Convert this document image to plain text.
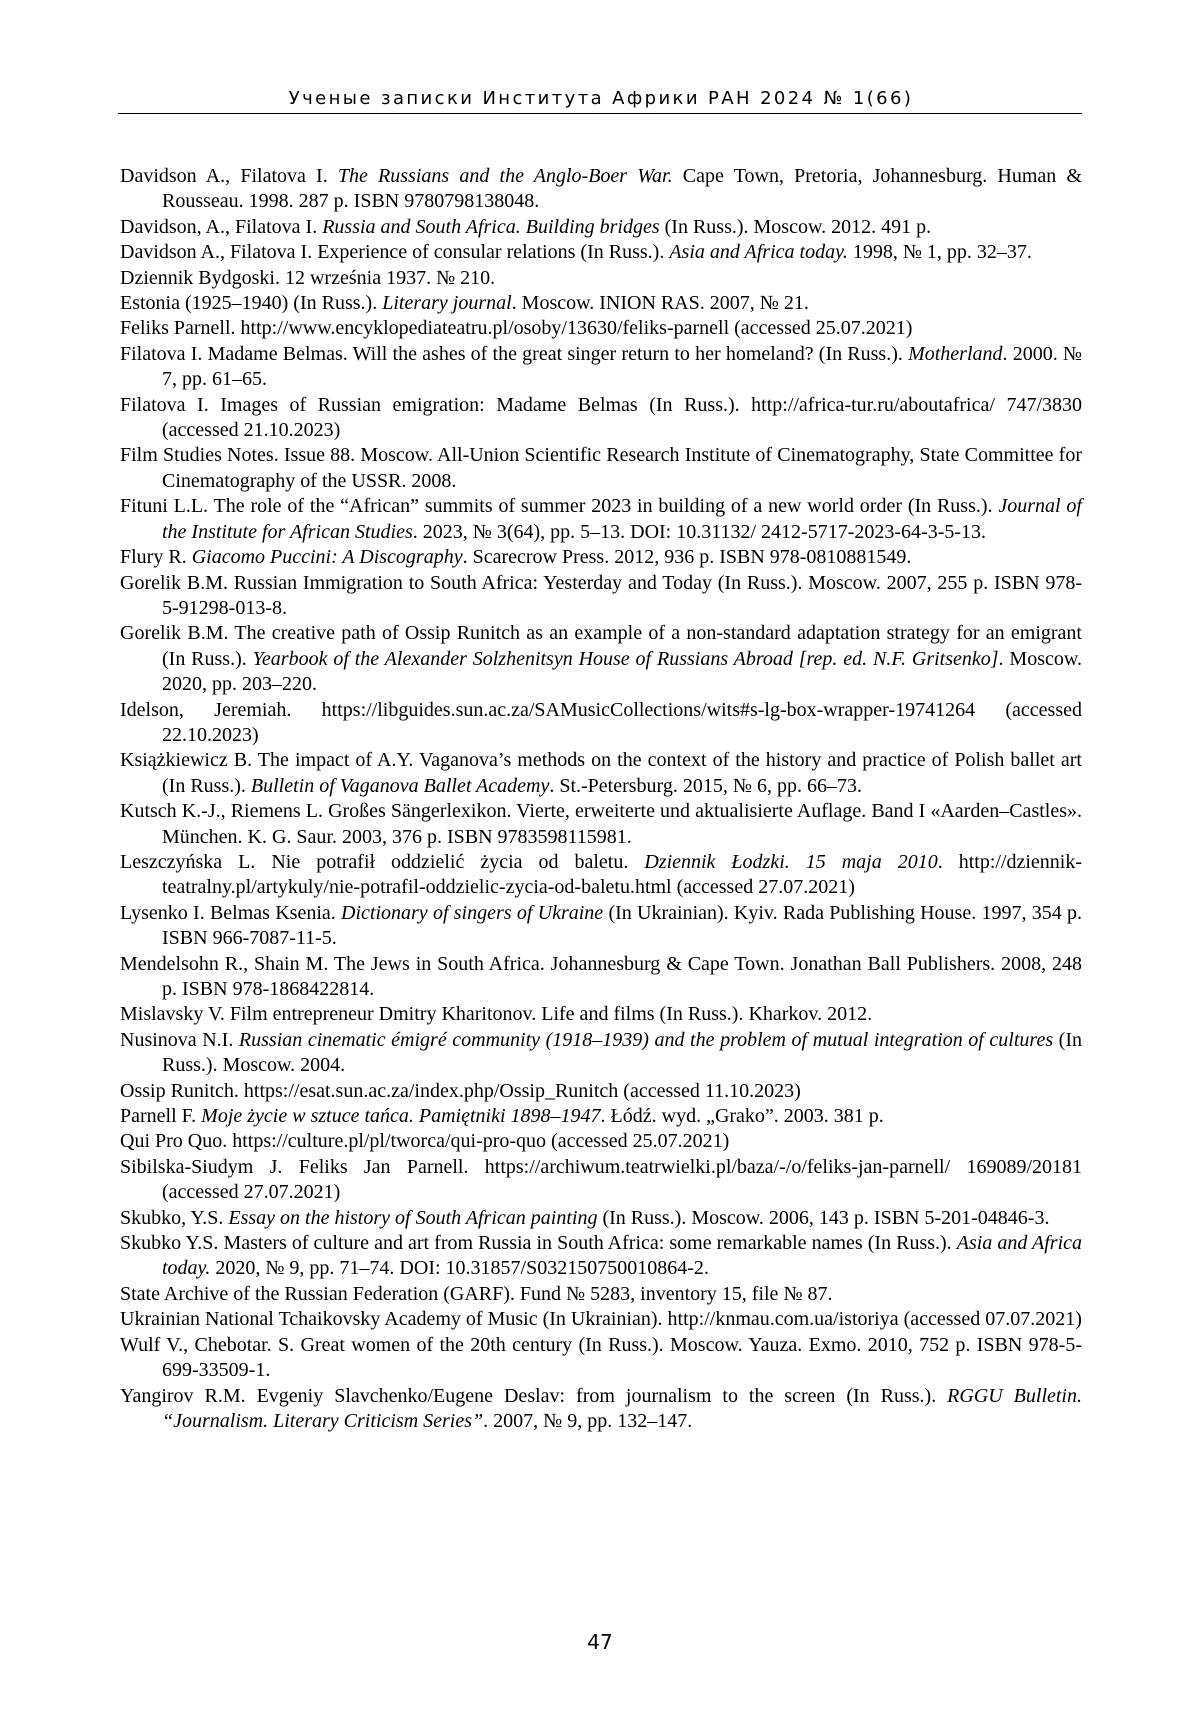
Ученые записки Института Африки РАН 2024 № 1(66)
Davidson A., Filatova I. The Russians and the Anglo-Boer War. Cape Town, Pretoria, Johannesburg. Human & Rousseau. 1998. 287 p. ISBN 9780798138048.
Davidson, A., Filatova I. Russia and South Africa. Building bridges (In Russ.). Moscow. 2012. 491 p.
Davidson A., Filatova I. Experience of consular relations (In Russ.). Asia and Africa today. 1998, № 1, pp. 32–37.
Dziennik Bydgoski. 12 września 1937. № 210.
Estonia (1925–1940) (In Russ.). Literary journal. Moscow. INION RAS. 2007, № 21.
Feliks Parnell. http://www.encyklopediateatru.pl/osoby/13630/feliks-parnell (accessed 25.07.2021)
Filatova I. Madame Belmas. Will the ashes of the great singer return to her homeland? (In Russ.). Motherland. 2000. № 7, pp. 61–65.
Filatova I. Images of Russian emigration: Madame Belmas (In Russ.). http://africa-tur.ru/aboutafrica/ 747/3830 (accessed 21.10.2023)
Film Studies Notes. Issue 88. Moscow. All-Union Scientific Research Institute of Cinematography, State Committee for Cinematography of the USSR. 2008.
Fituni L.L. The role of the “African” summits of summer 2023 in building of a new world order (In Russ.). Journal of the Institute for African Studies. 2023, № 3(64), pp. 5–13. DOI: 10.31132/ 2412-5717-2023-64-3-5-13.
Flury R. Giacomo Puccini: A Discography. Scarecrow Press. 2012, 936 p. ISBN 978-0810881549.
Gorelik B.M. Russian Immigration to South Africa: Yesterday and Today (In Russ.). Moscow. 2007, 255 p. ISBN 978-5-91298-013-8.
Gorelik B.M. The creative path of Ossip Runitch as an example of a non-standard adaptation strategy for an emigrant (In Russ.). Yearbook of the Alexander Solzhenitsyn House of Russians Abroad [rep. ed. N.F. Gritsenko]. Moscow. 2020, pp. 203–220.
Idelson, Jeremiah. https://libguides.sun.ac.za/SAMusicCollections/wits#s-lg-box-wrapper-19741264 (accessed 22.10.2023)
Książkiewicz B. The impact of A.Y. Vaganova’s methods on the context of the history and practice of Polish ballet art (In Russ.). Bulletin of Vaganova Ballet Academy. St.-Petersburg. 2015, № 6, pp. 66–73.
Kutsch K.-J., Riemens L. Großes Sängerlexikon. Vierte, erweiterte und aktualisierte Auflage. Band I «Aarden–Castles». München. K. G. Saur. 2003, 376 p. ISBN 9783598115981.
Leszczyńska L. Nie potrafił oddzielić życia od baletu. Dziennik Łodzki. 15 maja 2010. http://dziennik-teatralny.pl/artykuly/nie-potrafil-oddzielic-zycia-od-baletu.html (accessed 27.07.2021)
Lysenko I. Belmas Ksenia. Dictionary of singers of Ukraine (In Ukrainian). Kyiv. Rada Publishing House. 1997, 354 p. ISBN 966-7087-11-5.
Mendelsohn R., Shain M. The Jews in South Africa. Johannesburg & Cape Town. Jonathan Ball Publishers. 2008, 248 p. ISBN 978-1868422814.
Mislavsky V. Film entrepreneur Dmitry Kharitonov. Life and films (In Russ.). Kharkov. 2012.
Nusinova N.I. Russian cinematic émigré community (1918–1939) and the problem of mutual integration of cultures (In Russ.). Moscow. 2004.
Ossip Runitch. https://esat.sun.ac.za/index.php/Ossip_Runitch (accessed 11.10.2023)
Parnell F. Moje życie w sztuce tańca. Pamiętniki 1898–1947. Łódź. wyd. „Grako”. 2003. 381 p.
Qui Pro Quo. https://culture.pl/pl/tworca/qui-pro-quo (accessed 25.07.2021)
Sibilska-Siudym J. Feliks Jan Parnell. https://archiwum.teatrwielki.pl/baza/-/o/feliks-jan-parnell/ 169089/20181 (accessed 27.07.2021)
Skubko, Y.S. Essay on the history of South African painting (In Russ.). Moscow. 2006, 143 p. ISBN 5-201-04846-3.
Skubko Y.S. Masters of culture and art from Russia in South Africa: some remarkable names (In Russ.). Asia and Africa today. 2020, № 9, pp. 71–74. DOI: 10.31857/S032150750010864-2.
State Archive of the Russian Federation (GARF). Fund № 5283, inventory 15, file № 87.
Ukrainian National Tchaikovsky Academy of Music (In Ukrainian). http://knmau.com.ua/istoriya (accessed 07.07.2021)
Wulf V., Chebotar. S. Great women of the 20th century (In Russ.). Moscow. Yauza. Exmo. 2010, 752 p. ISBN 978-5-699-33509-1.
Yangirov R.M. Evgeniy Slavchenko/Eugene Deslav: from journalism to the screen (In Russ.). RGGU Bulletin. “Journalism. Literary Criticism Series”. 2007, № 9, pp. 132–147.
47
